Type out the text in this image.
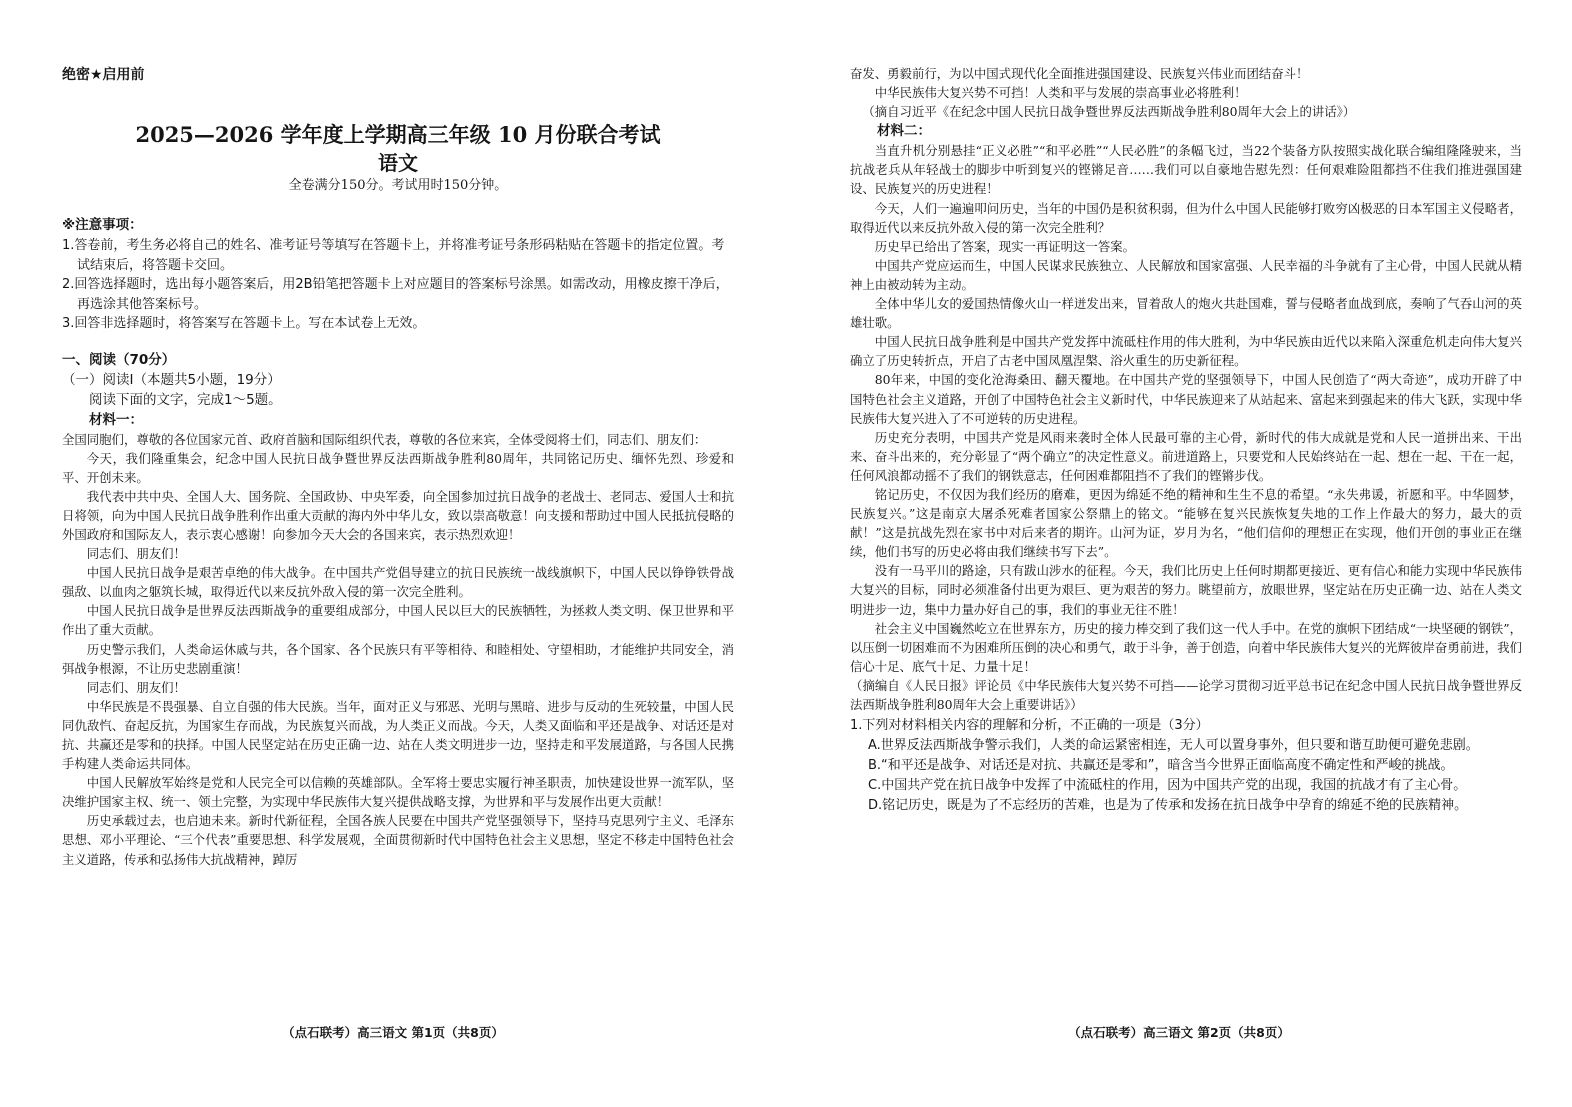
绝密★启用前
2025—2026 学年度上学期高三年级 10 月份联合考试
语文
全卷满分150分。考试用时150分钟。
※注意事项：
1.答卷前，考生务必将自己的姓名、准考证号等填写在答题卡上，并将准考证号条形码粘贴在答题卡的指定位置。考试结束后，将答题卡交回。
2.回答选择题时，选出每小题答案后，用2B铅笔把答题卡上对应题目的答案标号涂黑。如需改动，用橡皮擦干净后，再选涂其他答案标号。
3.回答非选择题时，将答案写在答题卡上。写在本试卷上无效。
一、阅读（70分）
（一）阅读Ⅰ（本题共5小题，19分）
阅读下面的文字，完成1～5题。
材料一：

全国同胞们，尊敬的各位国家元首、政府首脑和国际组织代表，尊敬的各位来宾，全体受阅将士们，同志们、朋友们：

今天，我们隆重集会，纪念中国人民抗日战争暨世界反法西斯战争胜利80周年，共同铭记历史、缅怀先烈、珍爱和平、开创未来。

我代表中共中央、全国人大、国务院、全国政协、中央军委，向全国参加过抗日战争的老战士、老同志、爱国人士和抗日将领，向为中国人民抗日战争胜利作出重大贡献的海内外中华儿女，致以崇高敬意！向支援和帮助过中国人民抵抗侵略的外国政府和国际友人，表示衷心感谢！向参加今天大会的各国来宾，表示热烈欢迎！

同志们、朋友们！

中国人民抗日战争是艰苦卓绝的伟大战争。在中国共产党倡导建立的抗日民族统一战线旗帜下，中国人民以铮铮铁骨战强敌、以血肉之躯筑长城，取得近代以来反抗外敌入侵的第一次完全胜利。

中国人民抗日战争是世界反法西斯战争的重要组成部分，中国人民以巨大的民族牺牲，为拯救人类文明、保卫世界和平作出了重大贡献。

历史警示我们，人类命运休戚与共，各个国家、各个民族只有平等相待、和睦相处、守望相助，才能维护共同安全，消弭战争根源，不让历史悲剧重演！

同志们、朋友们！

中华民族是不畏强暴、自立自强的伟大民族。当年，面对正义与邪恶、光明与黑暗、进步与反动的生死较量，中国人民同仇敌忾、奋起反抗，为国家生存而战，为民族复兴而战，为人类正义而战。今天，人类又面临和平还是战争、对话还是对抗、共赢还是零和的抉择。中国人民坚定站在历史正确一边、站在人类文明进步一边，坚持走和平发展道路，与各国人民携手构建人类命运共同体。

中国人民解放军始终是党和人民完全可以信赖的英雄部队。全军将士要忠实履行神圣职责，加快建设世界一流军队，坚决维护国家主权、统一、领土完整，为实现中华民族伟大复兴提供战略支撑，为世界和平与发展作出更大贡献！

历史承载过去，也启迪未来。新时代新征程，全国各族人民要在中国共产党坚强领导下，坚持马克思列宁主义、毛泽东思想、邓小平理论、“三个代表”重要思想、科学发展观，全面贯彻新时代中国特色社会主义思想，坚定不移走中国特色社会主义道路，传承和弘扬伟大抗战精神，踔厉

（点石联考）高三语文 第1页（共8页）

奋发、勇毅前行，为以中国式现代化全面推进强国建设、民族复兴伟业而团结奋斗！

中华民族伟大复兴势不可挡！人类和平与发展的崇高事业必将胜利！

（摘自习近平《在纪念中国人民抗日战争暨世界反法西斯战争胜利80周年大会上的讲话》）
材料二：

当直升机分别悬挂“正义必胜”“和平必胜”“人民必胜”的条幅飞过，当22个装备方队按照实战化联合编组隆隆驶来，当抗战老兵从年轻战士的脚步中听到复兴的铿锵足音……我们可以自豪地告慰先烈：任何艰难险阻都挡不住我们推进强国建设、民族复兴的历史进程！

今天，人们一遍遍叩问历史，当年的中国仍是积贫积弱，但为什么中国人民能够打败穷凶极恶的日本军国主义侵略者，取得近代以来反抗外敌入侵的第一次完全胜利？

历史早已给出了答案，现实一再证明这一答案。

中国共产党应运而生，中国人民谋求民族独立、人民解放和国家富强、人民幸福的斗争就有了主心骨，中国人民就从精神上由被动转为主动。

全体中华儿女的爱国热情像火山一样迸发出来，冒着敌人的炮火共赴国难，誓与侵略者血战到底，奏响了气吞山河的英雄壮歌。

中国人民抗日战争胜利是中国共产党发挥中流砥柱作用的伟大胜利，为中华民族由近代以来陷入深重危机走向伟大复兴确立了历史转折点，开启了古老中国凤凰涅槃、浴火重生的历史新征程。

80年来，中国的变化沧海桑田、翻天覆地。在中国共产党的坚强领导下，中国人民创造了“两大奇迹”，成功开辟了中国特色社会主义道路，开创了中国特色社会主义新时代，中华民族迎来了从站起来、富起来到强起来的伟大飞跃，实现中华民族伟大复兴进入了不可逆转的历史进程。

历史充分表明，中国共产党是风雨来袭时全体人民最可靠的主心骨，新时代的伟大成就是党和人民一道拼出来、干出来、奋斗出来的，充分彰显了“两个确立”的决定性意义。前进道路上，只要党和人民始终站在一起、想在一起、干在一起，任何风浪都动摇不了我们的钢铁意志，任何困难都阻挡不了我们的铿锵步伐。

铭记历史，不仅因为我们经历的磨难，更因为绵延不绝的精神和生生不息的希望。“永失弗谖，祈愿和平。中华圆梦，民族复兴。”这是南京大屠杀死难者国家公祭鼎上的铭文。“能够在复兴民族恢复失地的工作上作最大的努力，最大的贡献！”这是抗战先烈在家书中对后来者的期许。山河为证，岁月为名，“他们信仰的理想正在实现，他们开创的事业正在继续，他们书写的历史必将由我们继续书写下去”。

没有一马平川的路途，只有跋山涉水的征程。今天，我们比历史上任何时期都更接近、更有信心和能力实现中华民族伟大复兴的目标，同时必须准备付出更为艰巨、更为艰苦的努力。眺望前方，放眼世界，坚定站在历史正确一边、站在人类文明进步一边，集中力量办好自己的事，我们的事业无往不胜！

社会主义中国巍然屹立在世界东方，历史的接力棒交到了我们这一代人手中。在党的旗帜下团结成“一块坚硬的钢铁”，以压倒一切困难而不为困难所压倒的决心和勇气，敢于斗争，善于创造，向着中华民族伟大复兴的光辉彼岸奋勇前进，我们信心十足、底气十足、力量十足！

（摘编自《人民日报》评论员《中华民族伟大复兴势不可挡——论学习贯彻习近平总书记在纪念中国人民抗日战争暨世界反法西斯战争胜利80周年大会上重要讲话》）
1.下列对材料相关内容的理解和分析，不正确的一项是（3分）
A.世界反法西斯战争警示我们，人类的命运紧密相连，无人可以置身事外，但只要和谐互助便可避免悲剧。
B.“和平还是战争、对话还是对抗、共赢还是零和”，暗含当今世界正面临高度不确定性和严峻的挑战。
C.中国共产党在抗日战争中发挥了中流砥柱的作用，因为中国共产党的出现，我国的抗战才有了主心骨。
D.铭记历史，既是为了不忘经历的苦难，也是为了传承和发扬在抗日战争中孕育的绵延不绝的民族精神。
（点石联考）高三语文 第2页（共8页）
